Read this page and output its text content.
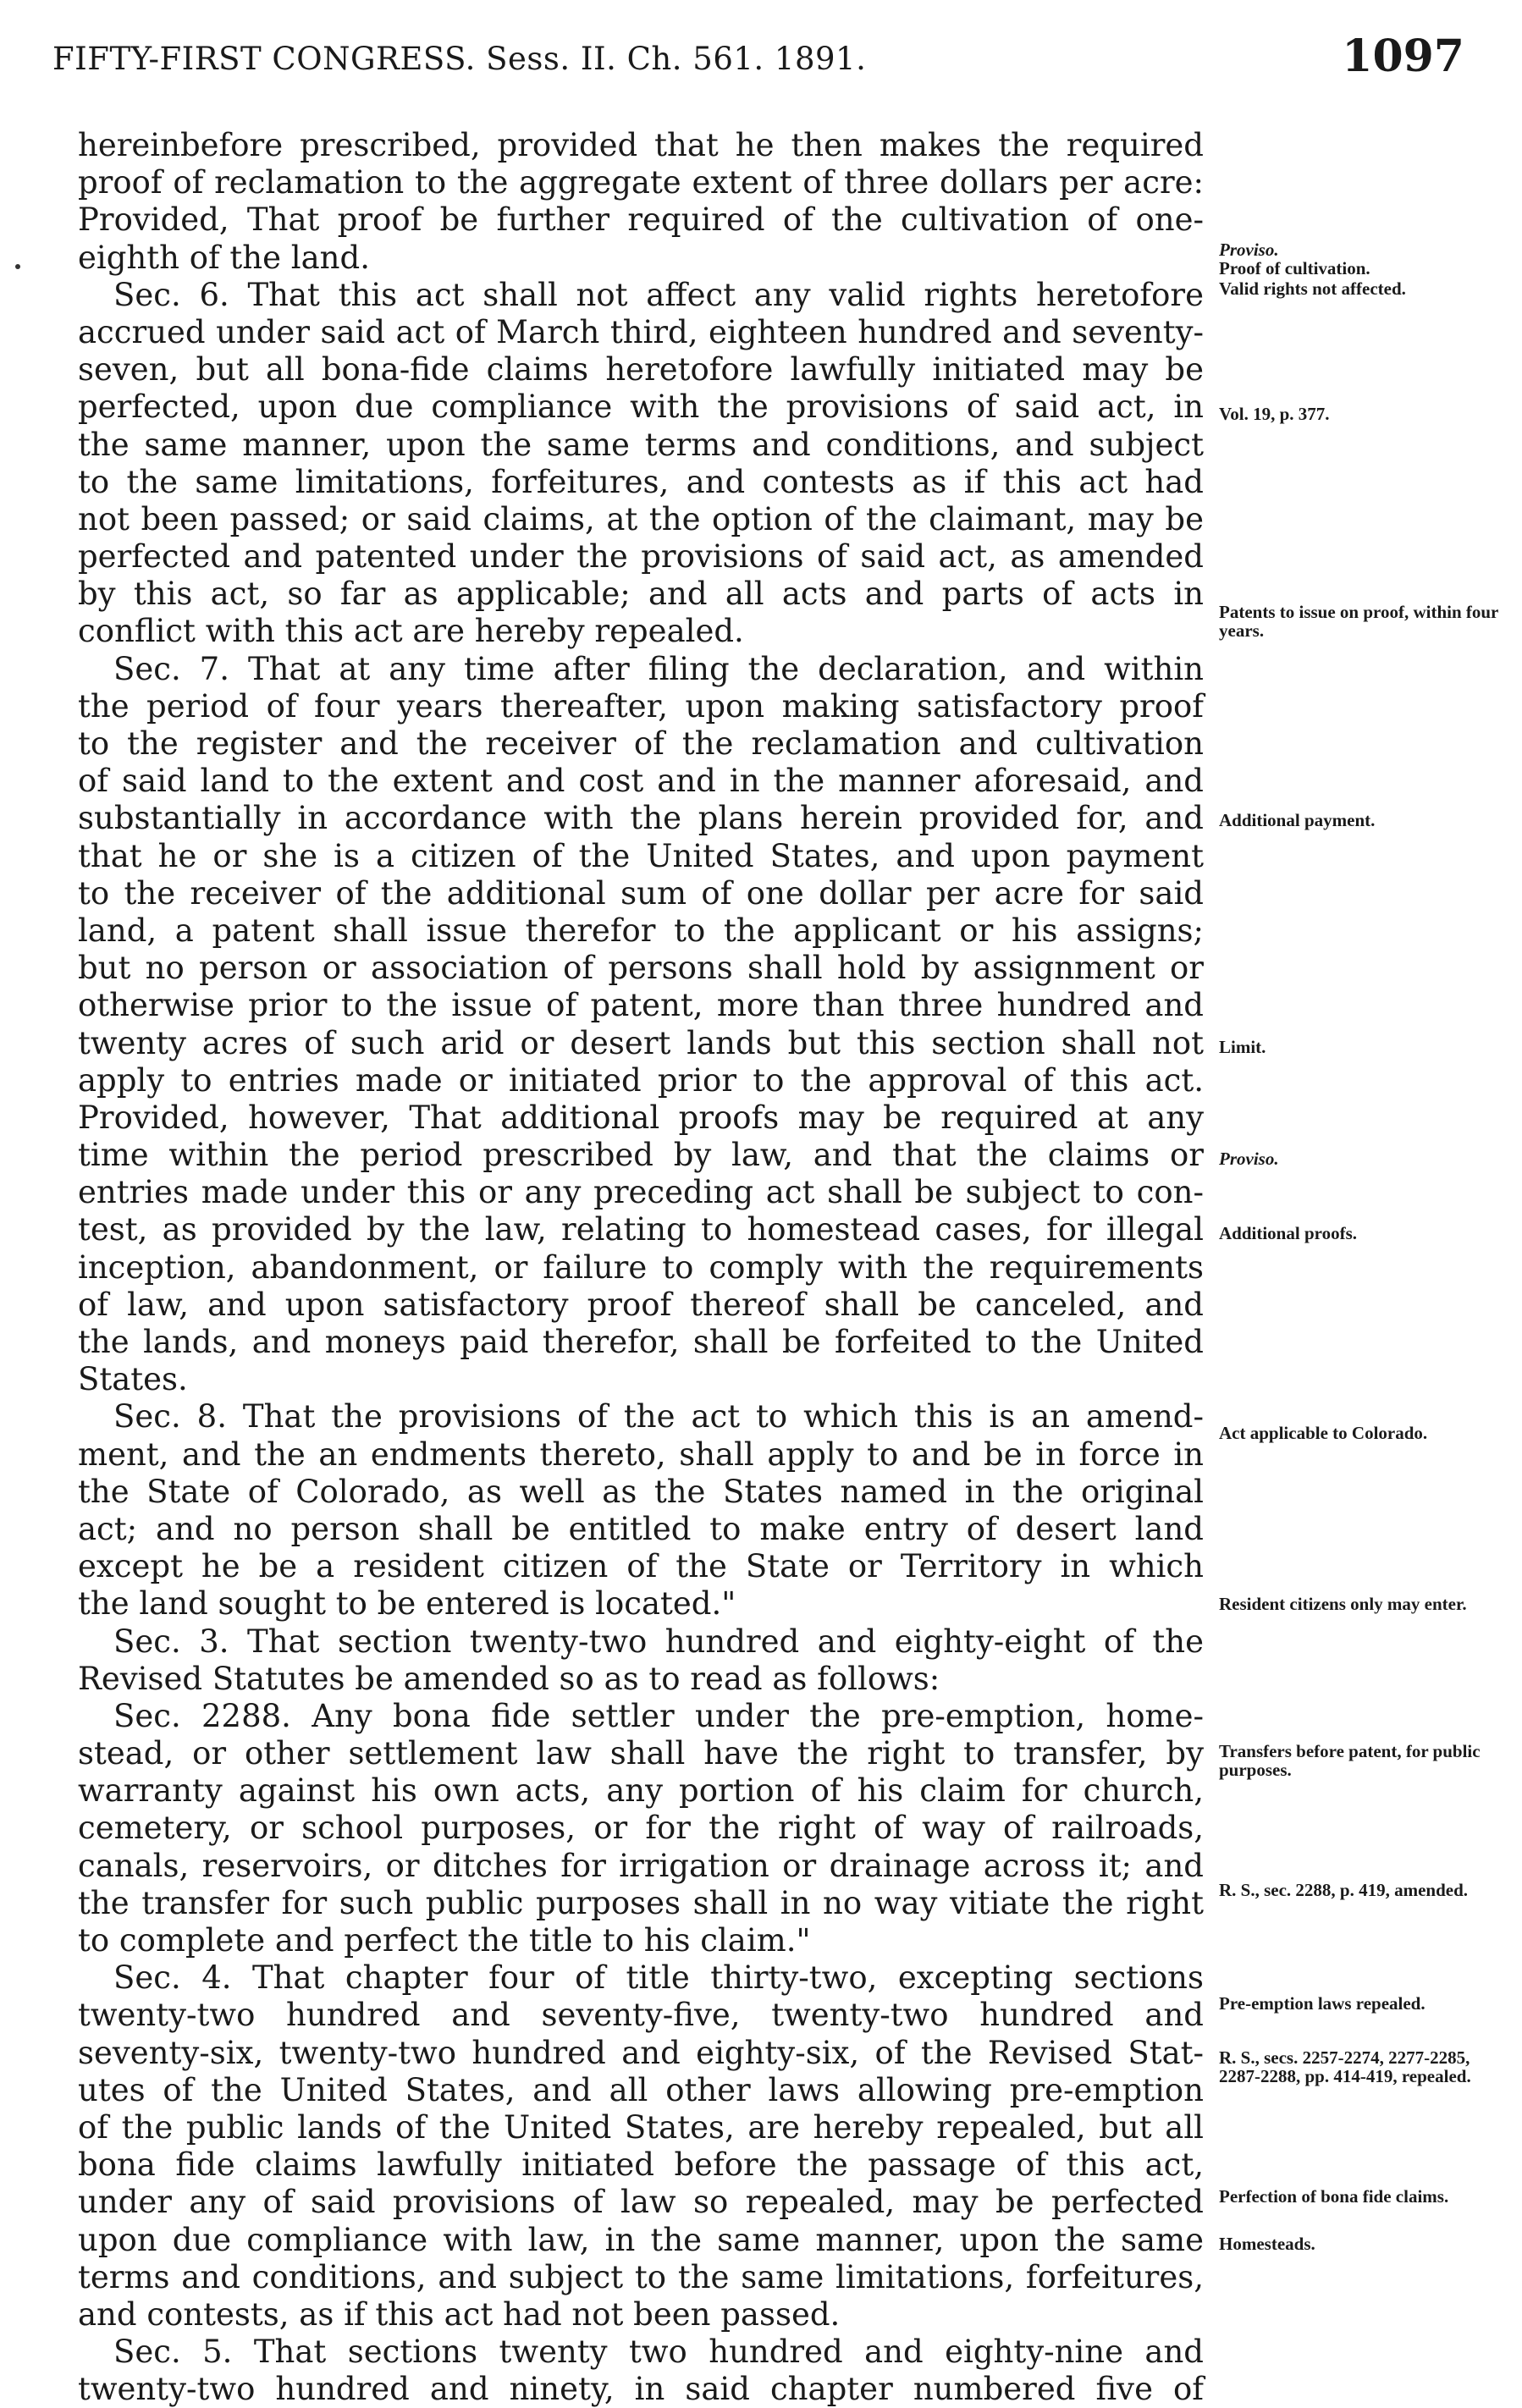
FIFTY-FIRST CONGRESS. Sess. II. Ch. 561. 1891.	1097
hereinbefore prescribed, provided that he then makes the required
proof of reclamation to the aggregate extent of three dollars per acre:
Provided, That proof be further required of the cultivation of one-
eighth of the land.
Sec. 6. That this act shall not affect any valid rights heretofore
accrued under said act of March third, eighteen hundred and seventy-
seven, but all bona-fide claims heretofore lawfully initiated may be
perfected, upon due compliance with the provisions of said act, in
the same manner, upon the same terms and conditions, and subject
to the same limitations, forfeitures, and contests as if this act had
not been passed; or said claims, at the option of the claimant, may be
perfected and patented under the provisions of said act, as amended
by this act, so far as applicable; and all acts and parts of acts in
conflict with this act are hereby repealed.
Sec. 7. That at any time after filing the declaration, and within
the period of four years thereafter, upon making satisfactory proof
to the register and the receiver of the reclamation and cultivation
of said land to the extent and cost and in the manner aforesaid, and
substantially in accordance with the plans herein provided for, and
that he or she is a citizen of the United States, and upon payment
to the receiver of the additional sum of one dollar per acre for said
land, a patent shall issue therefor to the applicant or his assigns;
but no person or association of persons shall hold by assignment or
otherwise prior to the issue of patent, more than three hundred and
twenty acres of such arid or desert lands but this section shall not
apply to entries made or initiated prior to the approval of this act.
Provided, however, That additional proofs may be required at any
time within the period prescribed by law, and that the claims or
entries made under this or any preceding act shall be subject to con-
test, as provided by the law, relating to homestead cases, for illegal
inception, abandonment, or failure to comply with the requirements
of law, and upon satisfactory proof thereof shall be canceled, and
the lands, and moneys paid therefor, shall be forfeited to the United
States.
Sec. 8. That the provisions of the act to which this is an amend-
ment, and the an endments thereto, shall apply to and be in force in
the State of Colorado, as well as the States named in the original
act; and no person shall be entitled to make entry of desert land
except he be a resident citizen of the State or Territory in which
the land sought to be entered is located."
Sec. 3. That section twenty-two hundred and eighty-eight of the
Revised Statutes be amended so as to read as follows:
Sec. 2288. Any bona fide settler under the pre-emption, home-
stead, or other settlement law shall have the right to transfer, by
warranty against his own acts, any portion of his claim for church,
cemetery, or school purposes, or for the right of way of railroads,
canals, reservoirs, or ditches for irrigation or drainage across it; and
the transfer for such public purposes shall in no way vitiate the right
to complete and perfect the title to his claim."
Sec. 4. That chapter four of title thirty-two, excepting sections
twenty-two hundred and seventy-five, twenty-two hundred and
seventy-six, twenty-two hundred and eighty-six, of the Revised Stat-
utes of the United States, and all other laws allowing pre-emption
of the public lands of the United States, are hereby repealed, but all
bona fide claims lawfully initiated before the passage of this act,
under any of said provisions of law so repealed, may be perfected
upon due compliance with law, in the same manner, upon the same
terms and conditions, and subject to the same limitations, forfeitures,
and contests, as if this act had not been passed.
Sec. 5. That sections twenty two hundred and eighty-nine and
twenty-two hundred and ninety, in said chapter numbered five of
Proviso.
Proof of cultivation.
Valid rights not affected.
Vol. 19, p. 377.
Patents to issue on proof, within four years.
Additional payment.
Limit.
Proviso.
Additional proofs.
Act applicable to Colorado.
Resident citizens only may enter.
Transfers before patent, for public purposes.
R. S., sec. 2288, p. 419, amended.
Pre-emption laws repealed.
R. S., secs. 2257-2274, 2277-2285, 2287-2288, pp. 414-419, repealed.
Perfection of bona fide claims.
Homesteads.
